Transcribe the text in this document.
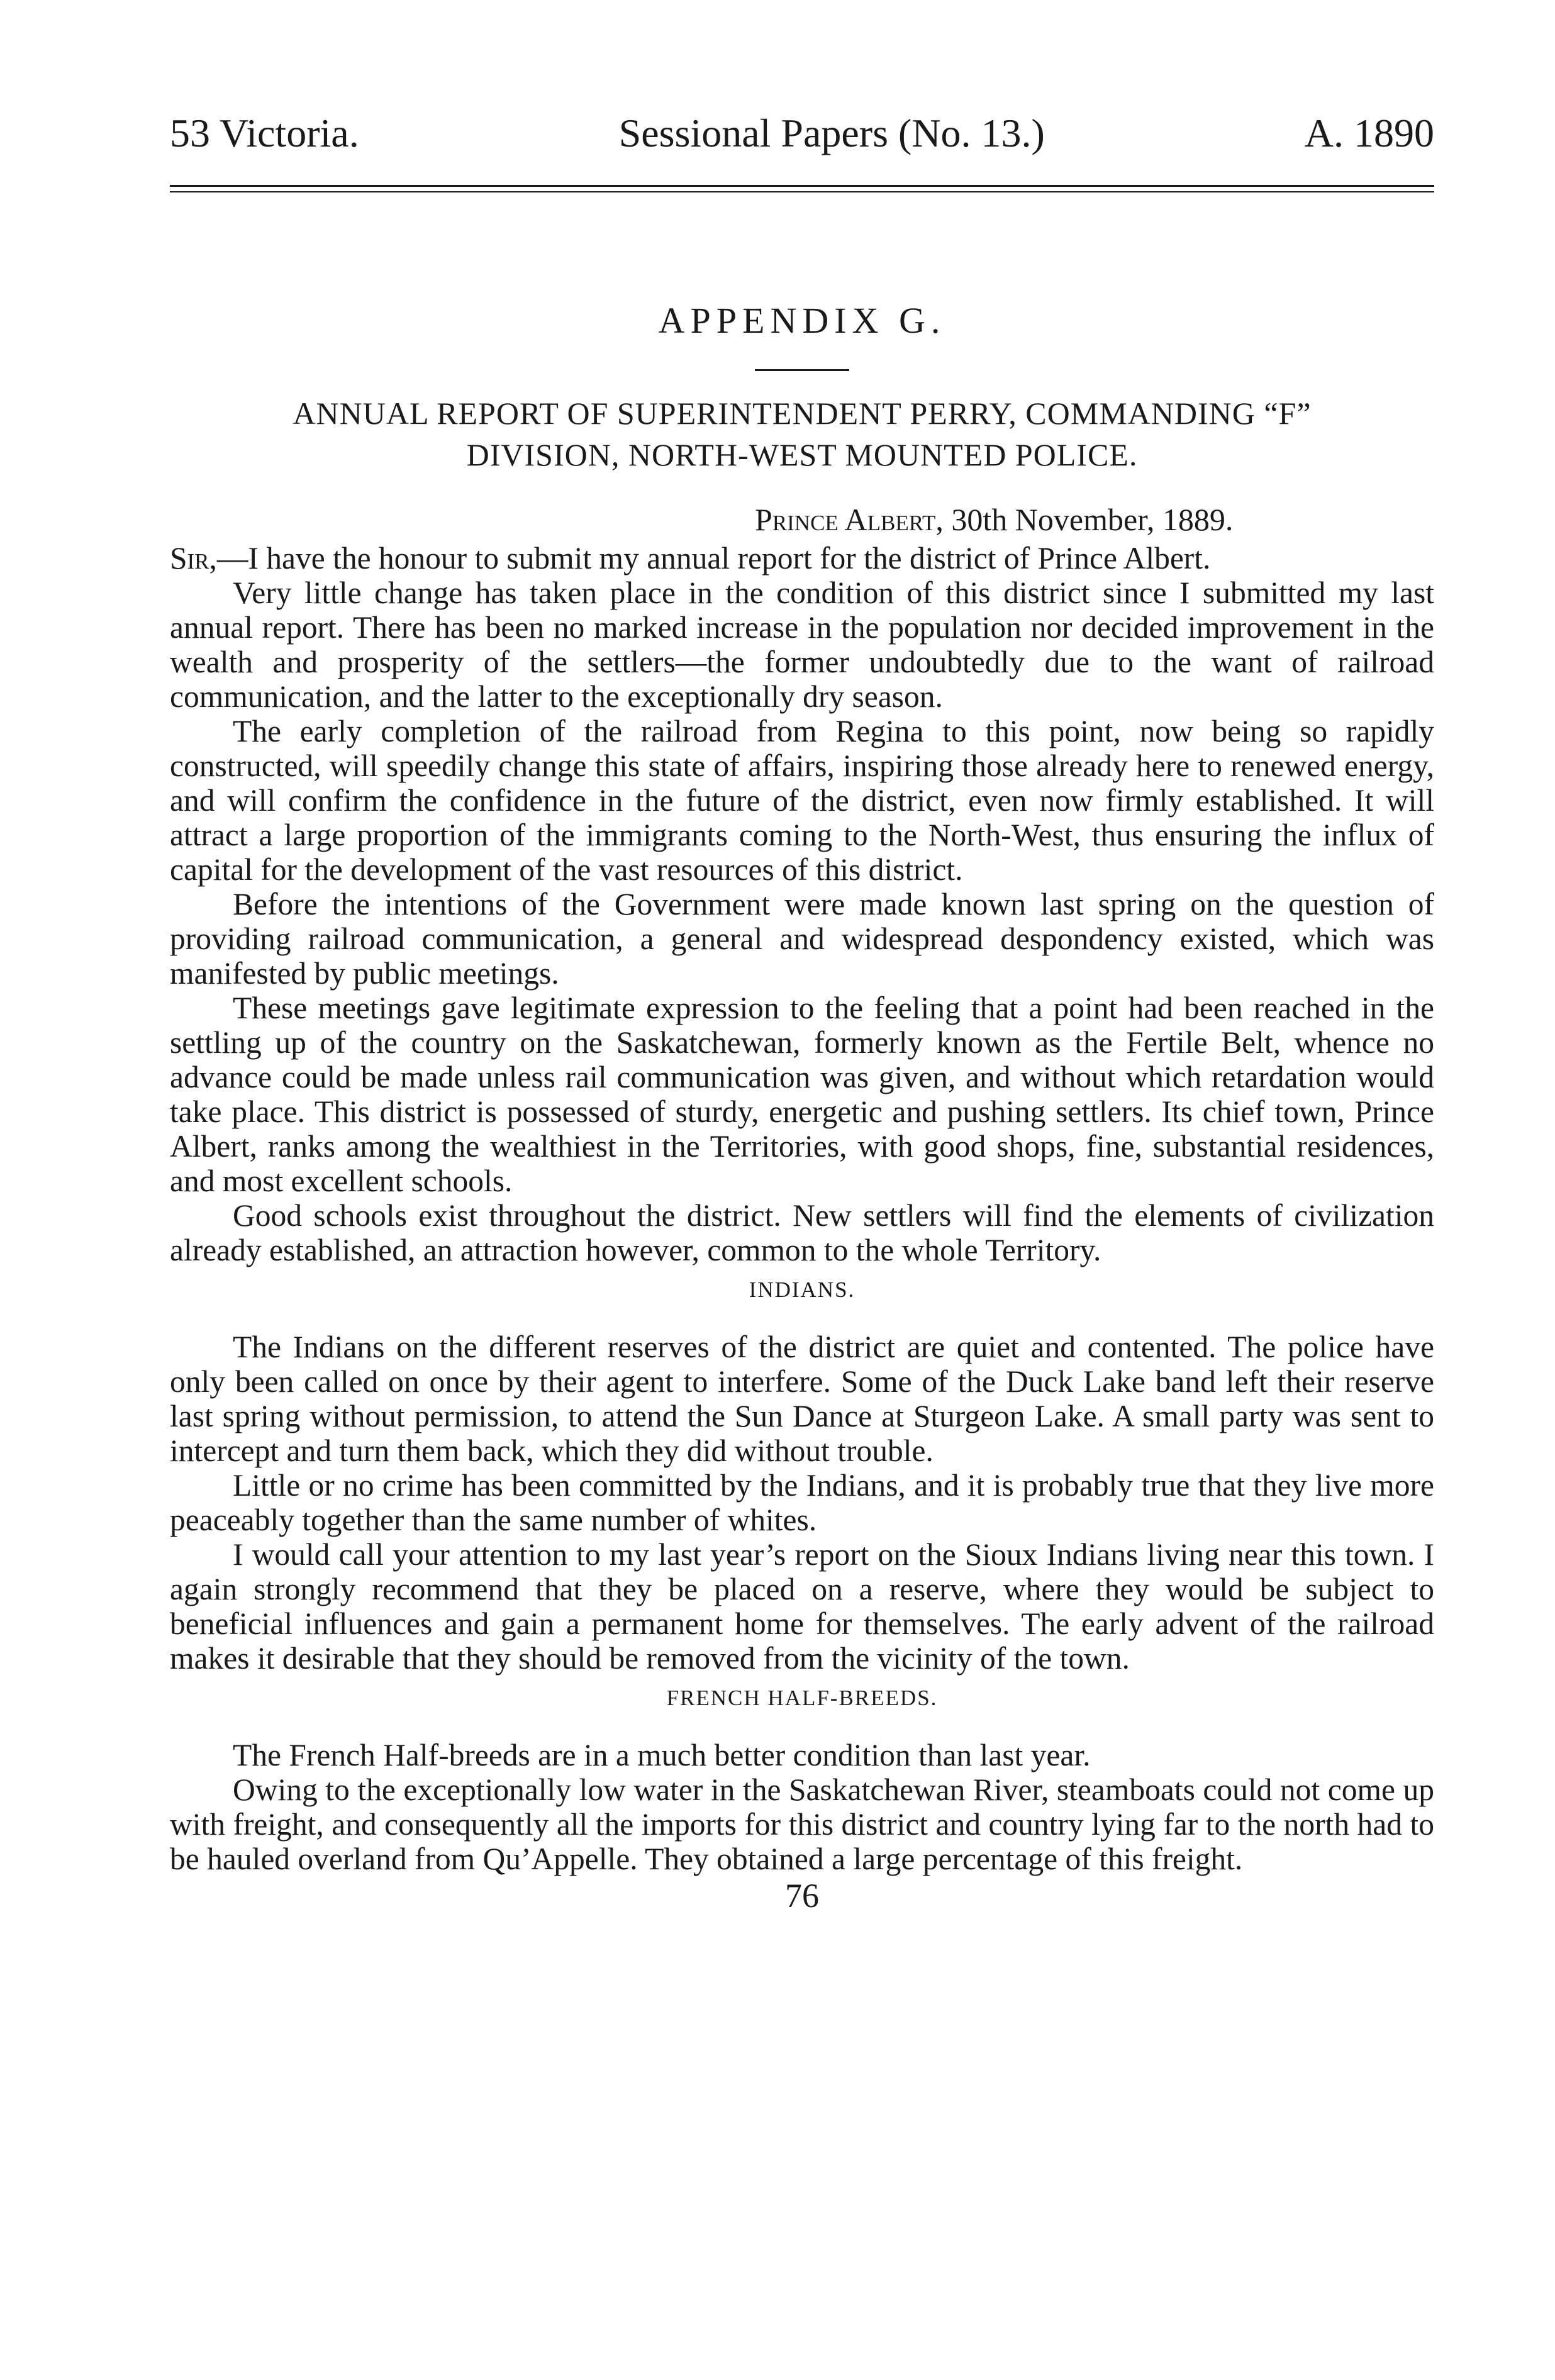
53 Victoria.	Sessional Papers (No. 13.)	A. 1890
APPENDIX G.
ANNUAL REPORT OF SUPERINTENDENT PERRY, COMMANDING “F”
DIVISION, NORTH-WEST MOUNTED POLICE.
Prince Albert, 30th November, 1889.

Sir,—I have the honour to submit my annual report for the district of Prince Albert.

Very little change has taken place in the condition of this district since I submitted my last annual report. There has been no marked increase in the population nor decided improvement in the wealth and prosperity of the settlers—the former undoubtedly due to the want of railroad communication, and the latter to the exceptionally dry season.

The early completion of the railroad from Regina to this point, now being so rapidly constructed, will speedily change this state of affairs, inspiring those already here to renewed energy, and will confirm the confidence in the future of the district, even now firmly established. It will attract a large proportion of the immigrants coming to the North-West, thus ensuring the influx of capital for the development of the vast resources of this district.

Before the intentions of the Government were made known last spring on the question of providing railroad communication, a general and widespread despondency existed, which was manifested by public meetings.

These meetings gave legitimate expression to the feeling that a point had been reached in the settling up of the country on the Saskatchewan, formerly known as the Fertile Belt, whence no advance could be made unless rail communication was given, and without which retardation would take place. This district is possessed of sturdy, energetic and pushing settlers. Its chief town, Prince Albert, ranks among the wealthiest in the Territories, with good shops, fine, substantial residences, and most excellent schools.

Good schools exist throughout the district. New settlers will find the elements of civilization already established, an attraction however, common to the whole Territory.

INDIANS.

The Indians on the different reserves of the district are quiet and contented. The police have only been called on once by their agent to interfere. Some of the Duck Lake band left their reserve last spring without permission, to attend the Sun Dance at Sturgeon Lake. A small party was sent to intercept and turn them back, which they did without trouble.

Little or no crime has been committed by the Indians, and it is probably true that they live more peaceably together than the same number of whites.

I would call your attention to my last year’s report on the Sioux Indians living near this town. I again strongly recommend that they be placed on a reserve, where they would be subject to beneficial influences and gain a permanent home for themselves. The early advent of the railroad makes it desirable that they should be removed from the vicinity of the town.

FRENCH HALF-BREEDS.

The French Half-breeds are in a much better condition than last year.

Owing to the exceptionally low water in the Saskatchewan River, steamboats could not come up with freight, and consequently all the imports for this district and country lying far to the north had to be hauled overland from Qu’Appelle. They obtained a large percentage of this freight.

76
